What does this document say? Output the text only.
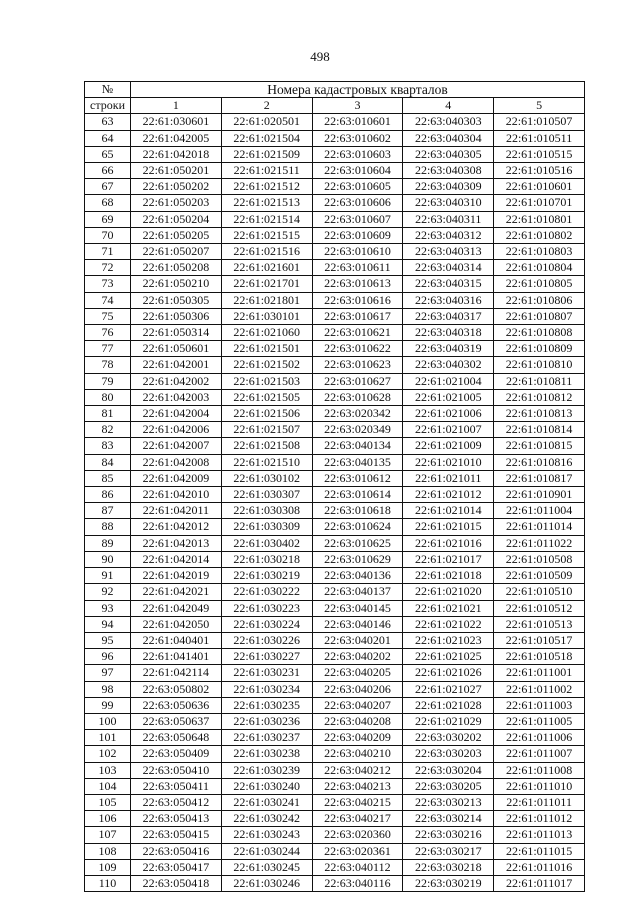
498
№	Номера кадастровых кварталов				
строки	1	2	3	4	5
63	22:61:030601	22:61:020501	22:63:010601	22:63:040303	22:61:010507
64	22:61:042005	22:61:021504	22:63:010602	22:63:040304	22:61:010511
65	22:61:042018	22:61:021509	22:63:010603	22:63:040305	22:61:010515
66	22:61:050201	22:61:021511	22:63:010604	22:63:040308	22:61:010516
67	22:61:050202	22:61:021512	22:63:010605	22:63:040309	22:61:010601
68	22:61:050203	22:61:021513	22:63:010606	22:63:040310	22:61:010701
69	22:61:050204	22:61:021514	22:63:010607	22:63:040311	22:61:010801
70	22:61:050205	22:61:021515	22:63:010609	22:63:040312	22:61:010802
71	22:61:050207	22:61:021516	22:63:010610	22:63:040313	22:61:010803
72	22:61:050208	22:61:021601	22:63:010611	22:63:040314	22:61:010804
73	22:61:050210	22:61:021701	22:63:010613	22:63:040315	22:61:010805
74	22:61:050305	22:61:021801	22:63:010616	22:63:040316	22:61:010806
75	22:61:050306	22:61:030101	22:63:010617	22:63:040317	22:61:010807
76	22:61:050314	22:61:021060	22:63:010621	22:63:040318	22:61:010808
77	22:61:050601	22:61:021501	22:63:010622	22:63:040319	22:61:010809
78	22:61:042001	22:61:021502	22:63:010623	22:63:040302	22:61:010810
79	22:61:042002	22:61:021503	22:63:010627	22:61:021004	22:61:010811
80	22:61:042003	22:61:021505	22:63:010628	22:61:021005	22:61:010812
81	22:61:042004	22:61:021506	22:63:020342	22:61:021006	22:61:010813
82	22:61:042006	22:61:021507	22:63:020349	22:61:021007	22:61:010814
83	22:61:042007	22:61:021508	22:63:040134	22:61:021009	22:61:010815
84	22:61:042008	22:61:021510	22:63:040135	22:61:021010	22:61:010816
85	22:61:042009	22:61:030102	22:63:010612	22:61:021011	22:61:010817
86	22:61:042010	22:61:030307	22:63:010614	22:61:021012	22:61:010901
87	22:61:042011	22:61:030308	22:63:010618	22:61:021014	22:61:011004
88	22:61:042012	22:61:030309	22:63:010624	22:61:021015	22:61:011014
89	22:61:042013	22:61:030402	22:63:010625	22:61:021016	22:61:011022
90	22:61:042014	22:61:030218	22:63:010629	22:61:021017	22:61:010508
91	22:61:042019	22:61:030219	22:63:040136	22:61:021018	22:61:010509
92	22:61:042021	22:61:030222	22:63:040137	22:61:021020	22:61:010510
93	22:61:042049	22:61:030223	22:63:040145	22:61:021021	22:61:010512
94	22:61:042050	22:61:030224	22:63:040146	22:61:021022	22:61:010513
95	22:61:040401	22:61:030226	22:63:040201	22:61:021023	22:61:010517
96	22:61:041401	22:61:030227	22:63:040202	22:61:021025	22:61:010518
97	22:61:042114	22:61:030231	22:63:040205	22:61:021026	22:61:011001
98	22:63:050802	22:61:030234	22:63:040206	22:61:021027	22:61:011002
99	22:63:050636	22:61:030235	22:63:040207	22:61:021028	22:61:011003
100	22:63:050637	22:61:030236	22:63:040208	22:61:021029	22:61:011005
101	22:63:050648	22:61:030237	22:63:040209	22:63:030202	22:61:011006
102	22:63:050409	22:61:030238	22:63:040210	22:63:030203	22:61:011007
103	22:63:050410	22:61:030239	22:63:040212	22:63:030204	22:61:011008
104	22:63:050411	22:61:030240	22:63:040213	22:63:030205	22:61:011010
105	22:63:050412	22:61:030241	22:63:040215	22:63:030213	22:61:011011
106	22:63:050413	22:61:030242	22:63:040217	22:63:030214	22:61:011012
107	22:63:050415	22:61:030243	22:63:020360	22:63:030216	22:61:011013
108	22:63:050416	22:61:030244	22:63:020361	22:63:030217	22:61:011015
109	22:63:050417	22:61:030245	22:63:040112	22:63:030218	22:61:011016
110	22:63:050418	22:61:030246	22:63:040116	22:63:030219	22:61:011017
